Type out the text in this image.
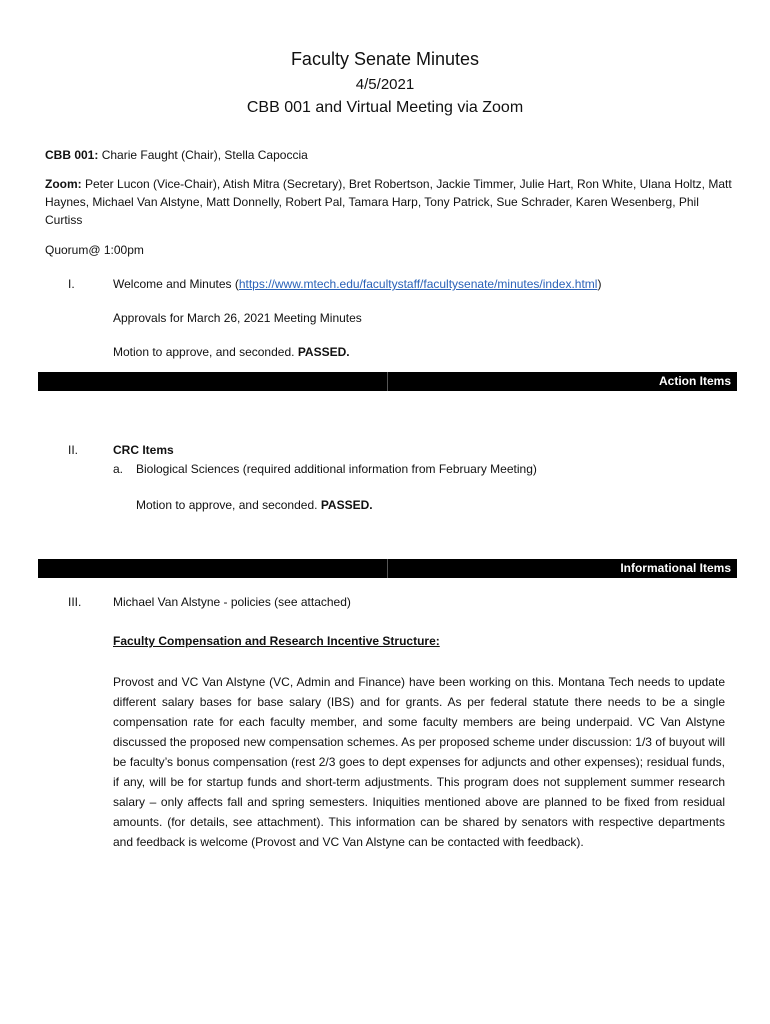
Faculty Senate Minutes
4/5/2021
CBB 001 and Virtual Meeting via Zoom
CBB 001: Charie Faught (Chair), Stella Capoccia
Zoom: Peter Lucon (Vice-Chair), Atish Mitra (Secretary), Bret Robertson, Jackie Timmer, Julie Hart, Ron White, Ulana Holtz, Matt Haynes, Michael Van Alstyne, Matt Donnelly, Robert Pal, Tamara Harp, Tony Patrick, Sue Schrader, Karen Wesenberg, Phil Curtiss
Quorum@ 1:00pm
I.	Welcome and Minutes (https://www.mtech.edu/facultystaff/facultysenate/minutes/index.html)
Approvals for March 26, 2021 Meeting Minutes
Motion to approve, and seconded. PASSED.
Action Items
II.	CRC Items
a. Biological Sciences (required additional information from February Meeting)
Motion to approve, and seconded. PASSED.
Informational Items
III.	Michael Van Alstyne - policies (see attached)
Faculty Compensation and Research Incentive Structure:
Provost and VC Van Alstyne (VC, Admin and Finance) have been working on this. Montana Tech needs to update different salary bases for base salary (IBS) and for grants. As per federal statute there needs to be a single compensation rate for each faculty member, and some faculty members are being underpaid. VC Van Alstyne discussed the proposed new compensation schemes. As per proposed scheme under discussion: 1/3 of buyout will be faculty’s bonus compensation (rest 2/3 goes to dept expenses for adjuncts and other expenses); residual funds, if any, will be for startup funds and short-term adjustments. This program does not supplement summer research salary – only affects fall and spring semesters. Iniquities mentioned above are planned to be fixed from residual amounts. (for details, see attachment). This information can be shared by senators with respective departments and feedback is welcome (Provost and VC Van Alstyne can be contacted with feedback).
